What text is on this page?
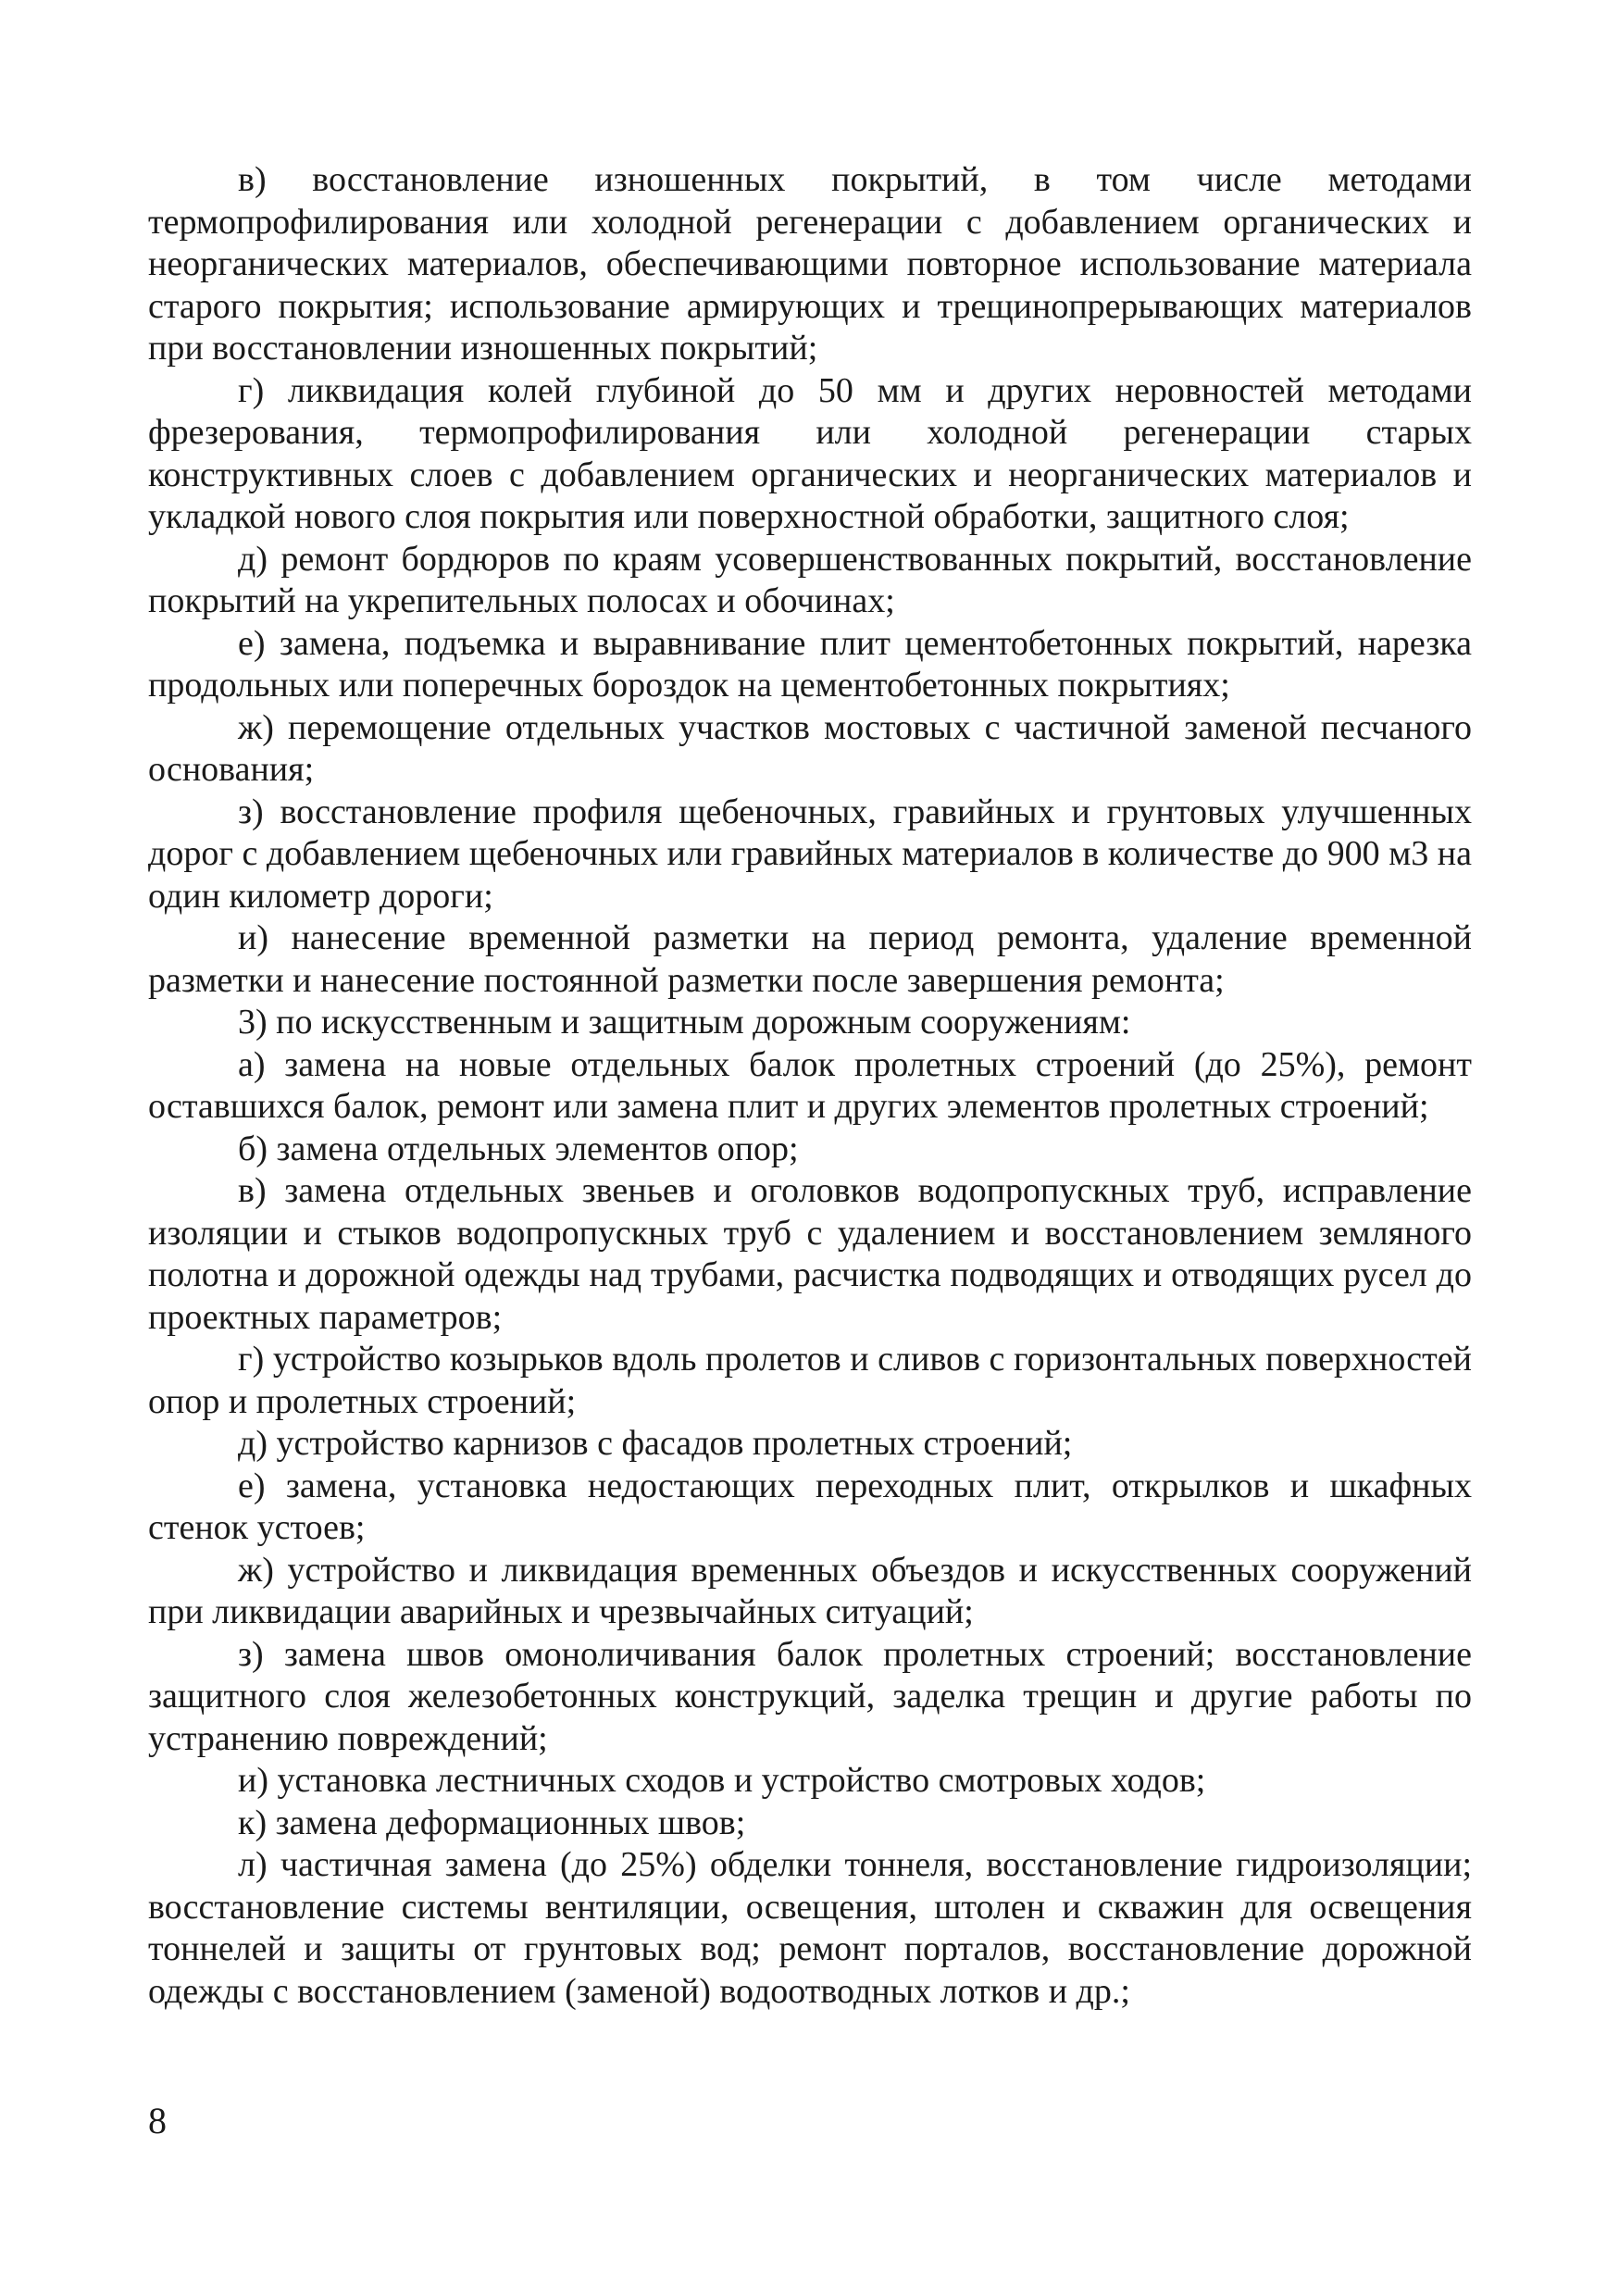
в) восстановление изношенных покрытий, в том числе методами термопрофилирования или холодной регенерации с добавлением органических и неорганических материалов, обеспечивающими повторное использование материала старого покрытия; использование армирующих и трещинопрерывающих материалов при восстановлении изношенных покрытий;

г) ликвидация колей глубиной до 50 мм и других неровностей методами фрезерования, термопрофилирования или холодной регенерации старых конструктивных слоев с добавлением органических и неорганических материалов и укладкой нового слоя покрытия или поверхностной обработки, защитного слоя;

д) ремонт бордюров по краям усовершенствованных покрытий, восстановление покрытий на укрепительных полосах и обочинах;

е) замена, подъемка и выравнивание плит цементобетонных покрытий, нарезка продольных или поперечных бороздок на цементобетонных покрытиях;

ж) перемощение отдельных участков мостовых с частичной заменой песчаного основания;

з) восстановление профиля щебеночных, гравийных и грунтовых улучшенных дорог с добавлением щебеночных или гравийных материалов в количестве до 900 м3 на один километр дороги;

и) нанесение временной разметки на период ремонта, удаление временной разметки и нанесение постоянной разметки после завершения ремонта;

3) по искусственным и защитным дорожным сооружениям:

а) замена на новые отдельных балок пролетных строений (до 25%), ремонт оставшихся балок, ремонт или замена плит и других элементов пролетных строений;

б) замена отдельных элементов опор;

в) замена отдельных звеньев и оголовков водопропускных труб, исправление изоляции и стыков водопропускных труб с удалением и восстановлением земляного полотна и дорожной одежды над трубами, расчистка подводящих и отводящих русел до проектных параметров;

г) устройство козырьков вдоль пролетов и сливов с горизонтальных поверхностей опор и пролетных строений;

д) устройство карнизов с фасадов пролетных строений;

е) замена, установка недостающих переходных плит, открылков и шкафных стенок устоев;

ж) устройство и ликвидация временных объездов и искусственных сооружений при ликвидации аварийных и чрезвычайных ситуаций;

з) замена швов омоноличивания балок пролетных строений; восстановление защитного слоя железобетонных конструкций, заделка трещин и другие работы по устранению повреждений;

и) установка лестничных сходов и устройство смотровых ходов;

к) замена деформационных швов;

л) частичная замена (до 25%) обделки тоннеля, восстановление гидроизоляции; восстановление системы вентиляции, освещения, штолен и скважин для освещения тоннелей и защиты от грунтовых вод; ремонт порталов, восстановление дорожной одежды с восстановлением (заменой) водоотводных лотков и др.;

8
